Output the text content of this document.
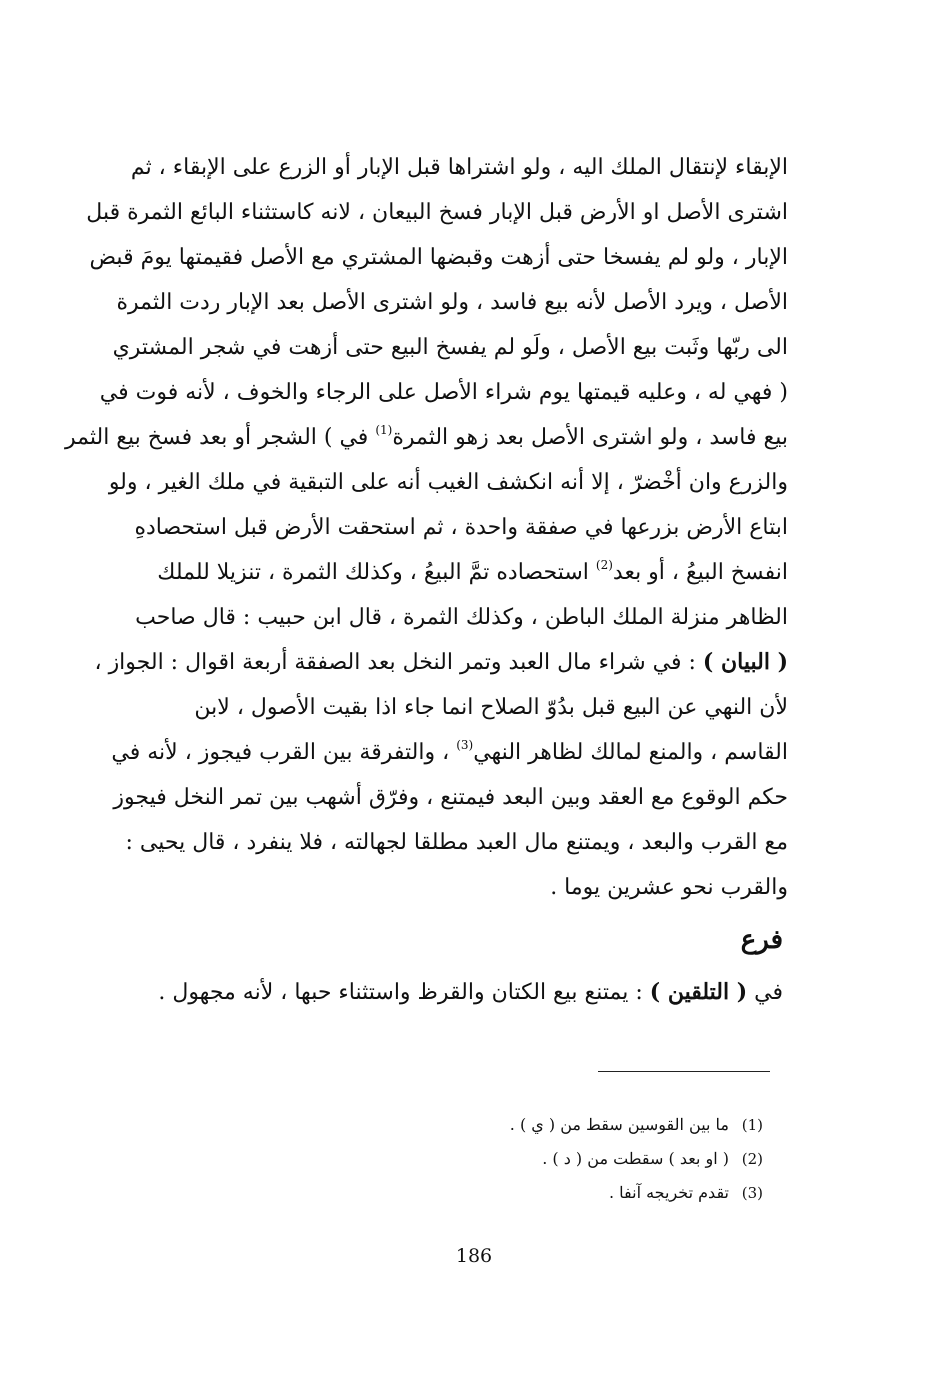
الإبقاء لإنتقال الملك اليه ، ولو اشتراها قبل الإبار أو الزرع على الإبقاء ، ثم
اشترى الأصل او الأرض قبل الإبار فسخ البيعان ، لانه كاستثناء البائع الثمرة قبل
الإبار ، ولو لم يفسخا حتى أزهت وقبضها المشتري مع الأصل فقيمتها يومَ قبض
الأصل ، ويرد الأصل لأنه بيع فاسد ، ولو اشترى الأصل بعد الإبار ردت الثمرة
الى ربّها وثَبت بيع الأصل ، ولَو لم يفسخ البيع حتى أزهت في شجر المشتري
( فهي له ، وعليه قيمتها يوم شراء الأصل على الرجاء والخوف ، لأنه فوت في
بيع فاسد ، ولو اشترى الأصل بعد زهو الثمرة$^{(1)}$ في ) الشجر أو بعد فسخ بيع الثمر
والزرع وان أخْضرّ ، إلا أنه انكشف الغيب أنه على التبقية في ملك الغير ، ولو
ابتاع الأرض بزرعها في صفقة واحدة ، ثم استحقت الأرض قبل استحصادهِ
انفسخ البيعُ ، أو بعد$^{(2)}$ استحصاده تمَّ البيعُ ، وكذلك الثمرة ، تنزيلا للملك
الظاهر منزلة الملك الباطن ، وكذلك الثمرة ، قال ابن حبيب : قال صاحب
( البيان ) : في شراء مال العبد وتمر النخل بعد الصفقة أربعة اقوال : الجواز ،
لأن النهي عن البيع قبل بدُوّ الصلاح انما جاء اذا بقيت الأصول ، لابن
القاسم ، والمنع لمالك لظاهر النهي$^{(3)}$ ، والتفرقة بين القرب فيجوز ، لأنه في
حكم الوقوع مع العقد وبين البعد فيمتنع ، وفرّق أشهب بين تمر النخل فيجوز
مع القرب والبعد ، ويمتنع مال العبد مطلقا لجهالته ، فلا ينفرد ، قال يحيى :
والقرب نحو عشرين يوما .
فرع
في ( التلقين ) : يمتنع بيع الكتان والقرظ واستثناء حبها ، لأنه مجهول .
(1)ما بين القوسين سقط من ( ي ) .
(2)( او بعد ) سقطت من ( د ) .
(3)تقدم تخريجه آنفا .
186
